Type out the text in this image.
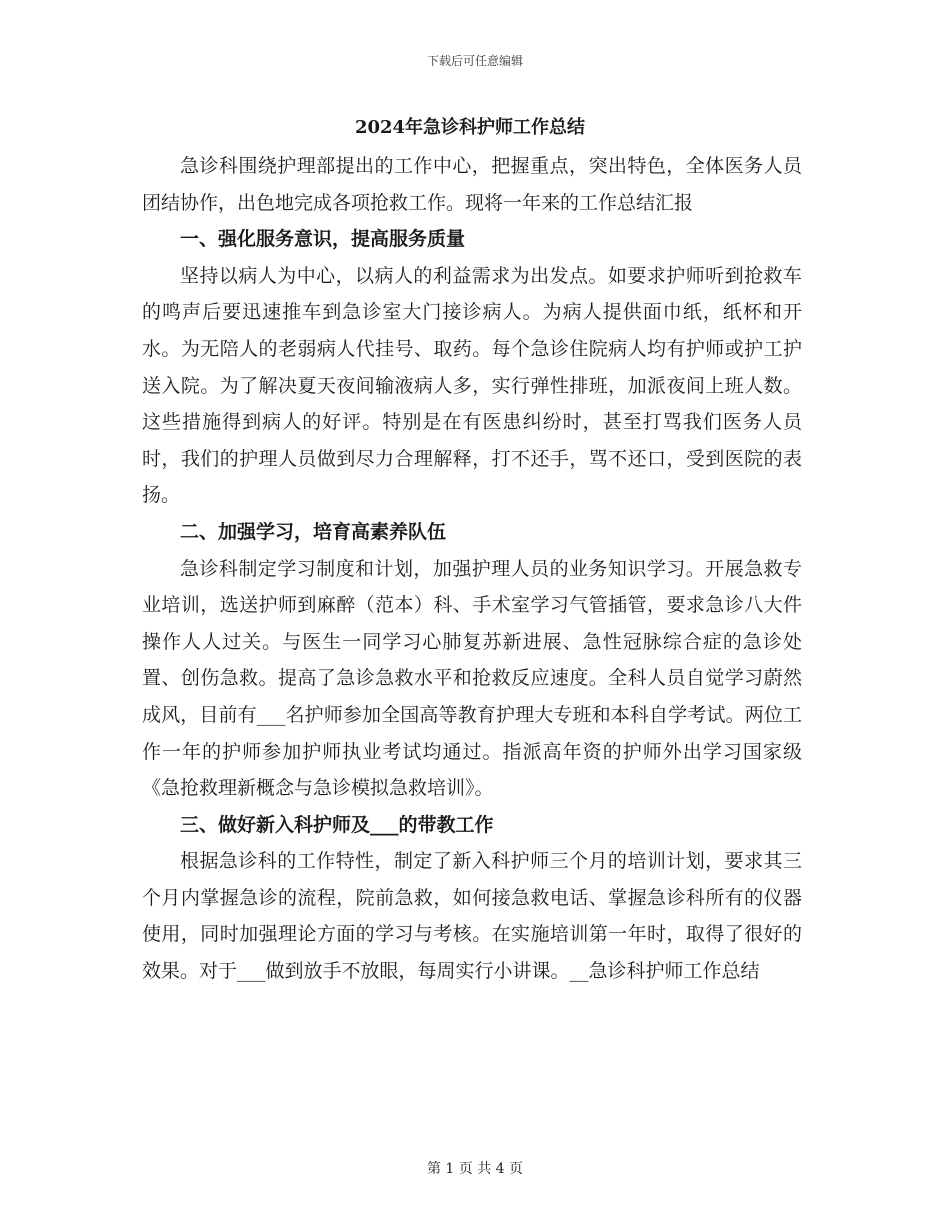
下载后可任意编辑
2024年急诊科护师工作总结

急诊科围绕护理部提出的工作中心，把握重点，突出特色，全体医务人员团结协作，出色地完成各项抢救工作。现将一年来的工作总结汇报

一、强化服务意识，提高服务质量

坚持以病人为中心，以病人的利益需求为出发点。如要求护师听到抢救车的鸣声后要迅速推车到急诊室大门接诊病人。为病人提供面巾纸，纸杯和开水。为无陪人的老弱病人代挂号、取药。每个急诊住院病人均有护师或护工护送入院。为了解决夏天夜间输液病人多，实行弹性排班，加派夜间上班人数。这些措施得到病人的好评。特别是在有医患纠纷时，甚至打骂我们医务人员时，我们的护理人员做到尽力合理解释，打不还手，骂不还口，受到医院的表扬。

二、加强学习，培育高素养队伍

急诊科制定学习制度和计划，加强护理人员的业务知识学习。开展急救专业培训，选送护师到麻醉（范本）科、手术室学习气管插管，要求急诊八大件操作人人过关。与医生一同学习心肺复苏新进展、急性冠脉综合症的急诊处置、创伤急救。提高了急诊急救水平和抢救反应速度。全科人员自觉学习蔚然成风，目前有___名护师参加全国高等教育护理大专班和本科自学考试。两位工作一年的护师参加护师执业考试均通过。指派高年资的护师外出学习国家级《急抢救理新概念与急诊模拟急救培训》。

三、做好新入科护师及___的带教工作

根据急诊科的工作特性，制定了新入科护师三个月的培训计划，要求其三个月内掌握急诊的流程，院前急救，如何接急救电话、掌握急诊科所有的仪器使用，同时加强理论方面的学习与考核。在实施培训第一年时，取得了很好的效果。对于___做到放手不放眼，每周实行小讲课。__急诊科护师工作总结

第 1 页 共 4 页
